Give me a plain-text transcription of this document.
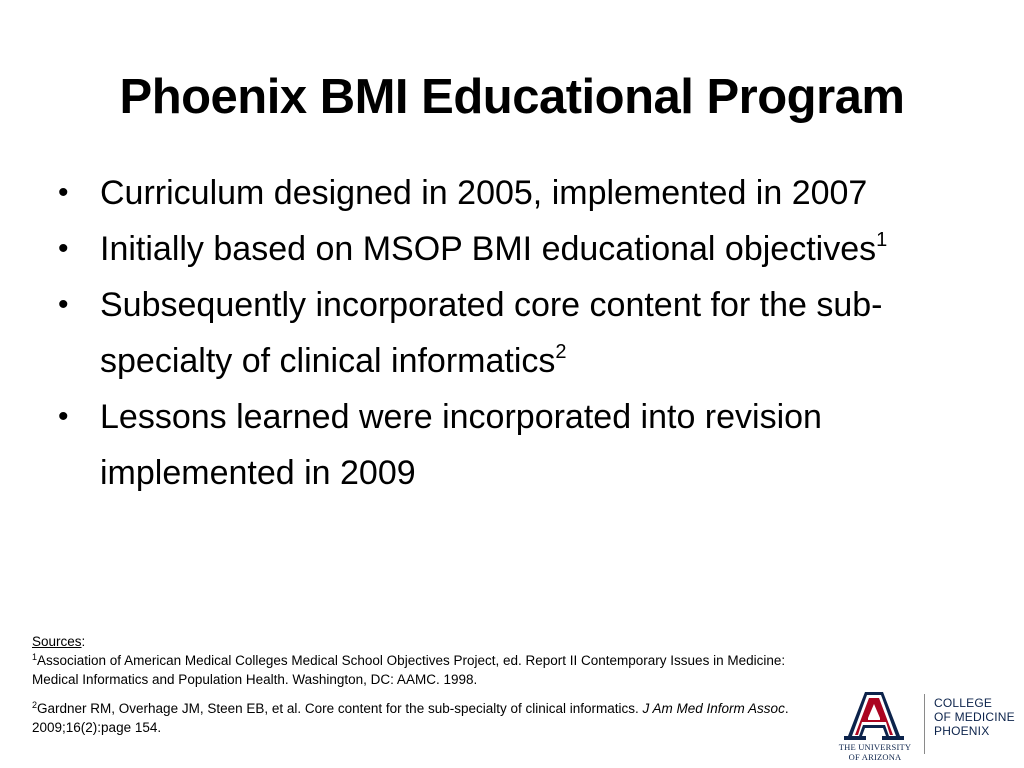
Phoenix BMI Educational Program
• Curriculum designed in 2005, implemented in 2007
• Initially based on MSOP BMI educational objectives$^1$
• Subsequently incorporated core content for the sub-specialty of clinical informatics$^2$
• Lessons learned were incorporated into revision implemented in 2009

Sources:

$^1$Association of American Medical Colleges Medical School Objectives Project, ed. Report II Contemporary Issues in Medicine: Medical Informatics and Population Health. Washington, DC: AAMC. 1998.

$^2$Gardner RM, Overhage JM, Steen EB, et al. Core content for the sub-specialty of clinical informatics. J Am Med Inform Assoc. 2009;16(2):page 154.

THE UNIVERSITY
OF ARIZONA
COLLEGE
OF MEDICINE
PHOENIX
